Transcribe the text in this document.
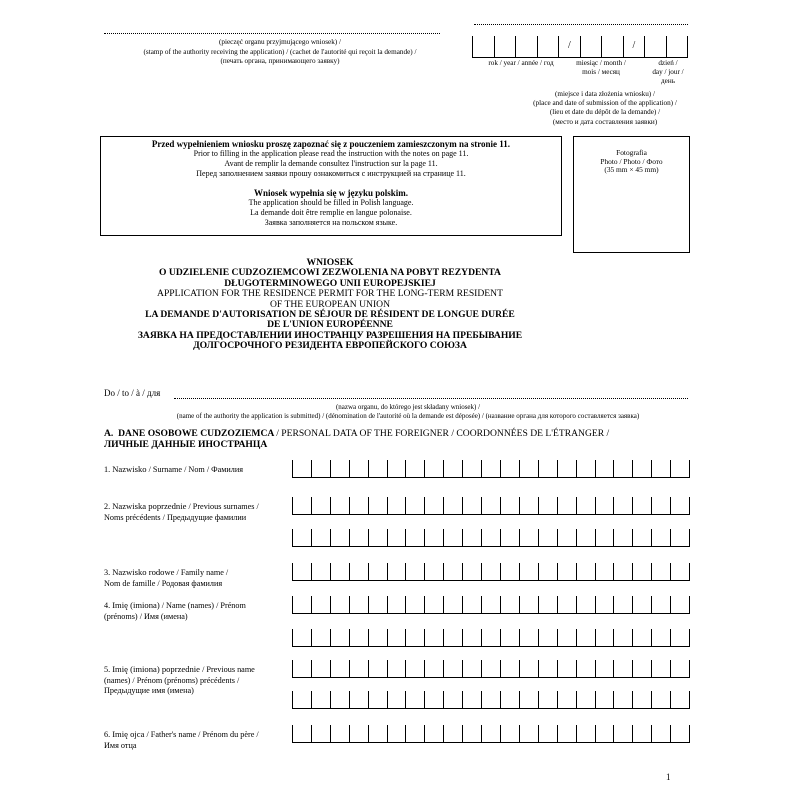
(pieczęć organu przyjmującego wniosek) /
(stamp of the authority receiving the application) / (cachet de l'autorité qui reçoit la demande) /
(печать органа, принимающего заявку)
/	/
rok / year / année / год	miesiąc / month /
mois / месяц
dzień /
day / jour /
день
(miejsce i data złożenia wniosku) /
(place and date of submission of the application) /
(lieu et date du dépôt de la demande) /
(место и дата составления заявки)
Przed wypełnieniem wniosku proszę zapoznać się z pouczeniem zamieszczonym na stronie 11.
Prior to filling in the application please read the instruction with the notes on page 11.
Avant de remplir la demande consultez l'instruction sur la page 11.
Перед заполнением заявки прошу ознакомиться с инструкцией на странице 11.
Wniosek wypełnia się w języku polskim.
The application should be filled in Polish language.
La demande doit être remplie en langue polonaise.
Заявка заполняется на польском языке.
Fotografia
Photo / Photo / Фото
(35 mm × 45 mm)
WNIOSEK
O UDZIELENIE CUDZOZIEMCOWI ZEZWOLENIA NA POBYT REZYDENTA
DŁUGOTERMINOWEGO UNII EUROPEJSKIEJ
APPLICATION FOR THE RESIDENCE PERMIT FOR THE LONG-TERM RESIDENT
OF THE EUROPEAN UNION
LA DEMANDE D'AUTORISATION DE SÉJOUR DE RÉSIDENT DE LONGUE DURÉE
DE L'UNION EUROPÉENNE
ЗАЯВКА НА ПРЕДОСТАВЛЕНИИ ИНОСТРАНЦУ РАЗРЕШЕНИЯ НА ПРЕБЫВАНИЕ
ДОЛГОСРОЧНОГО РЕЗИДЕНТА ЕВРОПЕЙСКОГО СОЮЗА
Do / to / à / для
(nazwa organu, do którego jest składany wniosek) /
(name of the authority the application is submitted) / (dénomination de l'autorité où la demande est déposée) / (название органа для которого составляется заявка)
A. DANE OSOBOWE CUDZOZIEMCA / PERSONAL DATA OF THE FOREIGNER / COORDONNÉES DE L'ÉTRANGER /
ЛИЧНЫЕ ДАННЫЕ ИНОСТРАНЦА
1. Nazwisko / Surname / Nom / Фамилия
2. Nazwiska poprzednie / Previous surnames /
Noms précédents / Предыдущие фамилии
3. Nazwisko rodowe / Family name /
Nom de famille / Родовая фамилия
4. Imię (imiona) / Name (names) / Prénom
(prénoms) / Имя (имена)
5. Imię (imiona) poprzednie / Previous name
(names) / Prénom (prénoms) précédents /
Предыдущие имя (имена)
6. Imię ojca / Father's name / Prénom du père /
Имя отца
1
